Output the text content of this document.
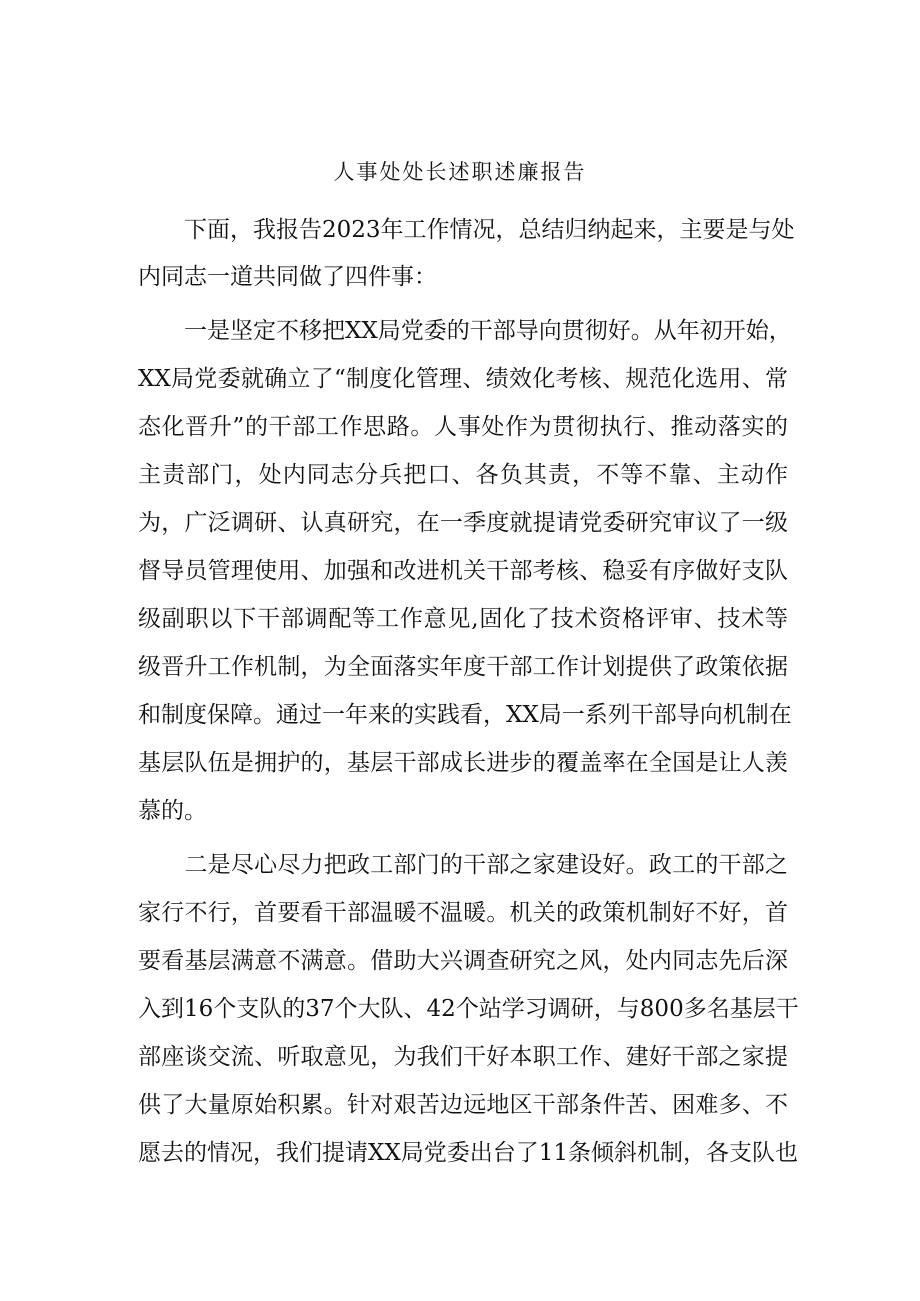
人事处处长述职述廉报告
　　下面，我报告2023年工作情况，总结归纳起来，主要是与处
内同志一道共同做了四件事：
　　一是坚定不移把XX局党委的干部导向贯彻好。从年初开始，
XX局党委就确立了“制度化管理、绩效化考核、规范化选用、常
态化晋升”的干部工作思路。人事处作为贯彻执行、推动落实的
主责部门，处内同志分兵把口、各负其责，不等不靠、主动作
为，广泛调研、认真研究，在一季度就提请党委研究审议了一级
督导员管理使用、加强和改进机关干部考核、稳妥有序做好支队
级副职以下干部调配等工作意见,固化了技术资格评审、技术等
级晋升工作机制，为全面落实年度干部工作计划提供了政策依据
和制度保障。通过一年来的实践看，XX局一系列干部导向机制在
基层队伍是拥护的，基层干部成长进步的覆盖率在全国是让人羡
慕的。
　　二是尽心尽力把政工部门的干部之家建设好。政工的干部之
家行不行，首要看干部温暖不温暖。机关的政策机制好不好，首
要看基层满意不满意。借助大兴调查研究之风，处内同志先后深
入到16个支队的37个大队、42个站学习调研，与800多名基层干
部座谈交流、听取意见，为我们干好本职工作、建好干部之家提
供了大量原始积累。针对艰苦边远地区干部条件苦、困难多、不
愿去的情况，我们提请XX局党委出台了11条倾斜机制，各支队也
